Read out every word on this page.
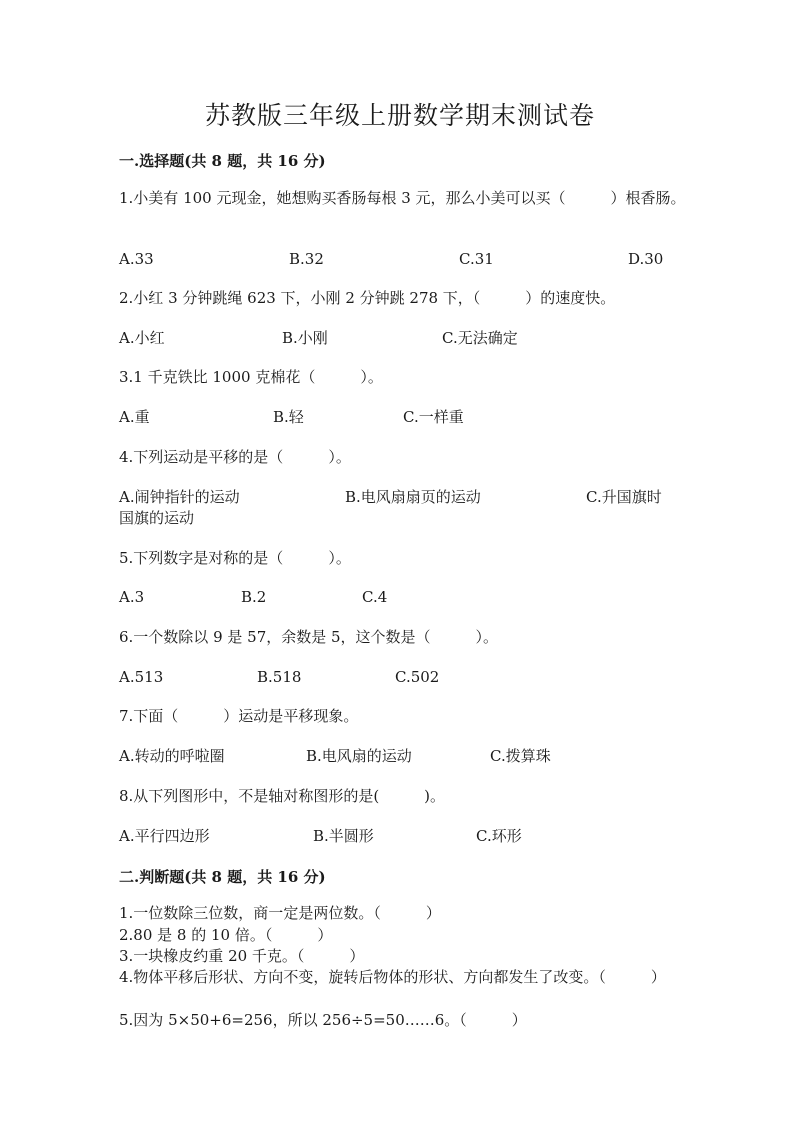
苏教版三年级上册数学期末测试卷
一.选择题(共 8 题，共 16 分)
1.小美有 100 元现金，她想购买香肠每根 3 元，那么小美可以买（　　　）根香肠。
A.33	B.32	C.31	D.30
2.小红 3 分钟跳绳 623 下，小刚 2 分钟跳 278 下，（　　　）的速度快。
A.小红	B.小刚	C.无法确定
3.1 千克铁比 1000 克棉花（　　　）。
A.重	B.轻	C.一样重
4.下列运动是平移的是（　　　）。
A.闹钟指针的运动	B.电风扇扇页的运动	C.升国旗时
国旗的运动
5.下列数字是对称的是（　　　）。
A.3	B.2	C.4
6.一个数除以 9 是 57，余数是 5，这个数是（　　　）。
A.513	B.518	C.502
7.下面（　　　）运动是平移现象。
A.转动的呼啦圈	B.电风扇的运动	C.拨算珠
8.从下列图形中，不是轴对称图形的是(　　　)。
A.平行四边形	B.半圆形	C.环形
二.判断题(共 8 题，共 16 分)
1.一位数除三位数，商一定是两位数。（　　　）
2.80 是 8 的 10 倍。（　　　）
3.一块橡皮约重 20 千克。（　　　）
4.物体平移后形状、方向不变，旋转后物体的形状、方向都发生了改变。（　　　）
5.因为 5×50+6=256，所以 256÷5=50……6。（　　　）
